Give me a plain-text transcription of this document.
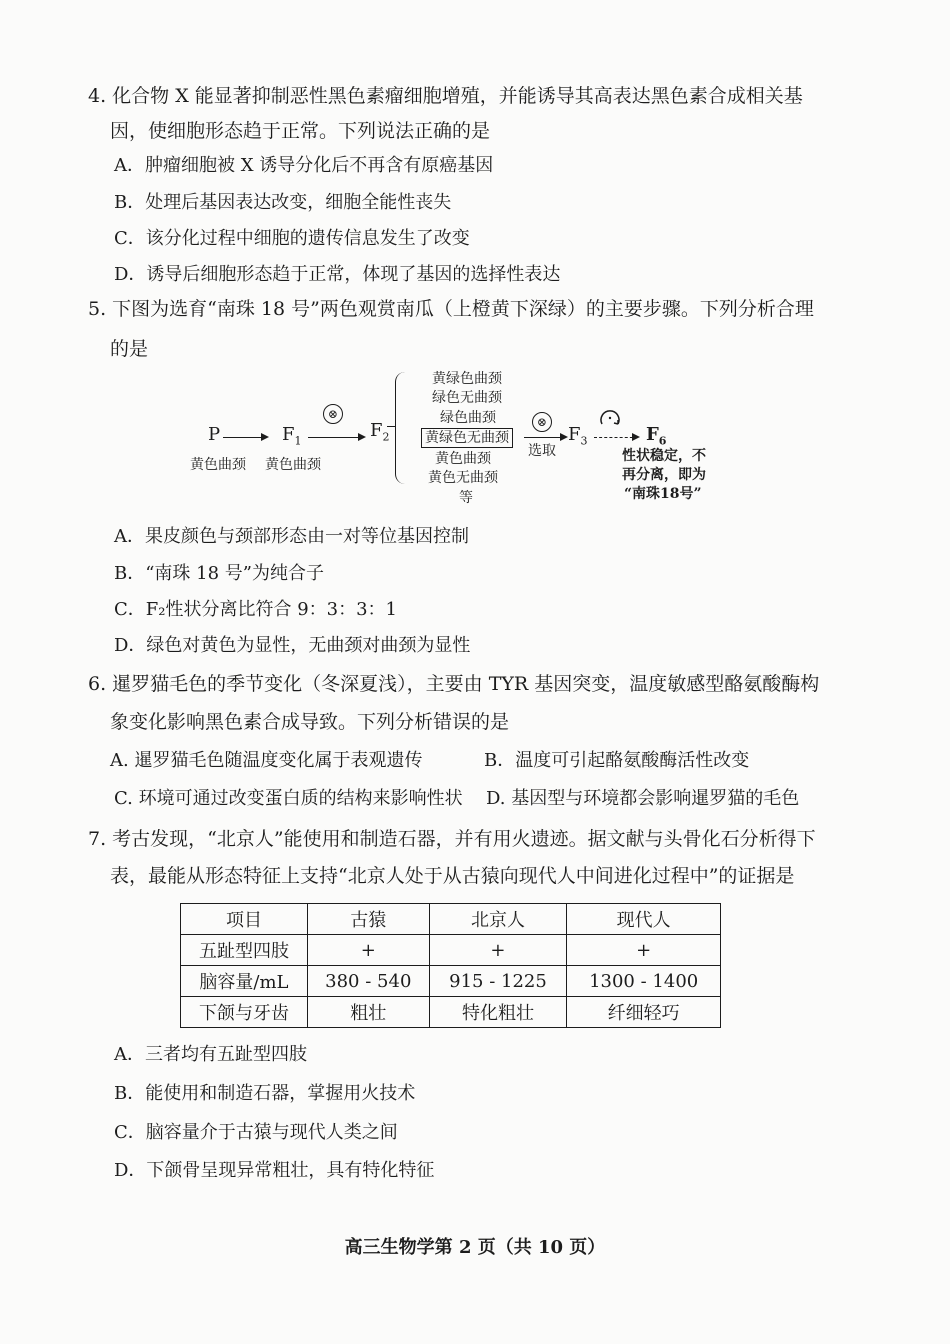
4. 化合物 X 能显著抑制恶性黑色素瘤细胞增殖，并能诱导其高表达黑色素合成相关基
因，使细胞形态趋于正常。下列说法正确的是
A．肿瘤细胞被 X 诱导分化后不再含有原癌基因
B．处理后基因表达改变，细胞全能性丧失
C．该分化过程中细胞的遗传信息发生了改变
D．诱导后细胞形态趋于正常，体现了基因的选择性表达
5. 下图为选育“南珠 18 号”两色观赏南瓜（上橙黄下深绿）的主要步骤。下列分析合理
的是
P	$F_1$
⊗
$F_2$
黄绿色曲颈
绿色无曲颈
绿色曲颈
黄绿色无曲颈
黄色曲颈
黄色无曲颈
等
⊗
选取
$F_3$	$F_6$
性状稳定，不
再分离，即为
“南珠18号”
黄色曲颈 黄色曲颈
A．果皮颜色与颈部形态由一对等位基因控制
B．“南珠 18 号”为纯合子
C．F₂性状分离比符合 9：3：3：1
D．绿色对黄色为显性，无曲颈对曲颈为显性
6. 暹罗猫毛色的季节变化（冬深夏浅），主要由 TYR 基因突变，温度敏感型酪氨酸酶构
象变化影响黑色素合成导致。下列分析错误的是
A. 暹罗猫毛色随温度变化属于表观遗传	B．温度可引起酪氨酸酶活性改变
C. 环境可通过改变蛋白质的结构来影响性状 D. 基因型与环境都会影响暹罗猫的毛色
7. 考古发现，“北京人”能使用和制造石器，并有用火遗迹。据文献与头骨化石分析得下
表，最能从形态特征上支持“北京人处于从古猿向现代人中间进化过程中”的证据是
项目	古猿	北京人	现代人
五趾型四肢	+	+	+
脑容量/mL	380 - 540	915 - 1225	1300 - 1400
下颌与牙齿	粗壮	特化粗壮	纤细轻巧
A．三者均有五趾型四肢
B．能使用和制造石器，掌握用火技术
C．脑容量介于古猿与现代人类之间
D．下颌骨呈现异常粗壮，具有特化特征
高三生物学第 2 页（共 10 页）
